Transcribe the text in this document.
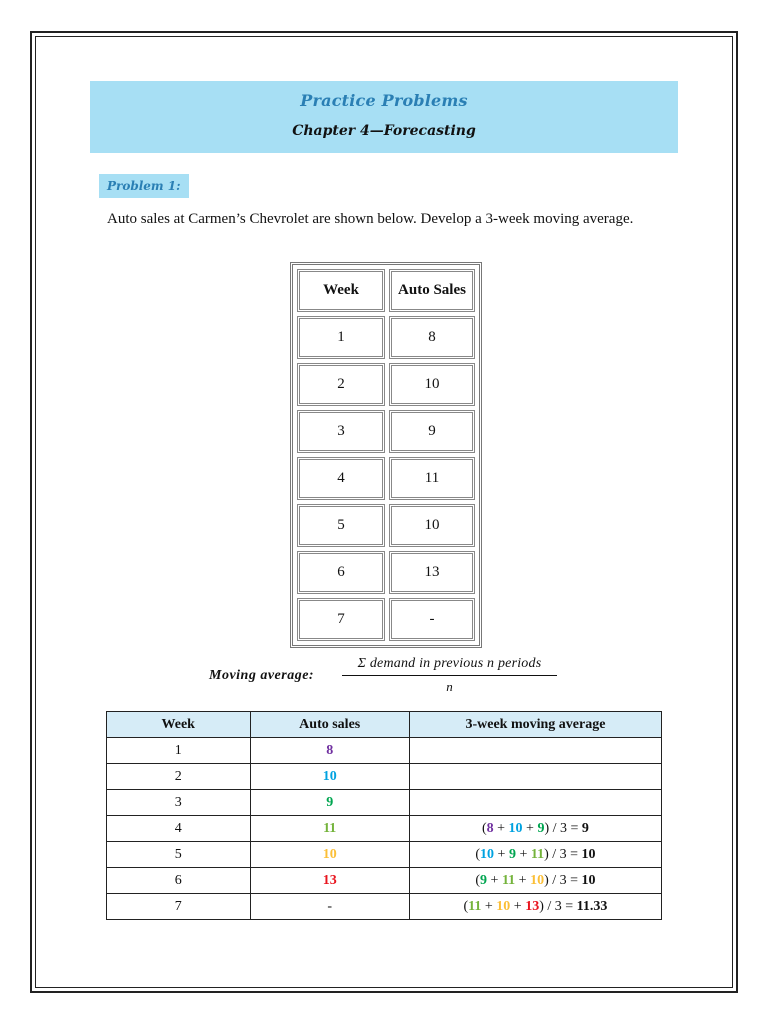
Practice Problems
Chapter 4—Forecasting
Problem 1:
Auto sales at Carmen’s Chevrolet are shown below. Develop a 3-week moving average.
Week	Auto Sales
1	8
2	10
3	9
4	11
5	10
6	13
7	-
Moving average:
Σ demand in previous n periods
n
Week	Auto sales	3-week moving average
1	8	
2	10	
3	9	
4	11	(8 + 10 + 9) / 3 = 9
5	10	(10 + 9 + 11) / 3 = 10
6	13	(9 + 11 + 10) / 3 = 10
7	-	(11 + 10 + 13) / 3 = 11.33
